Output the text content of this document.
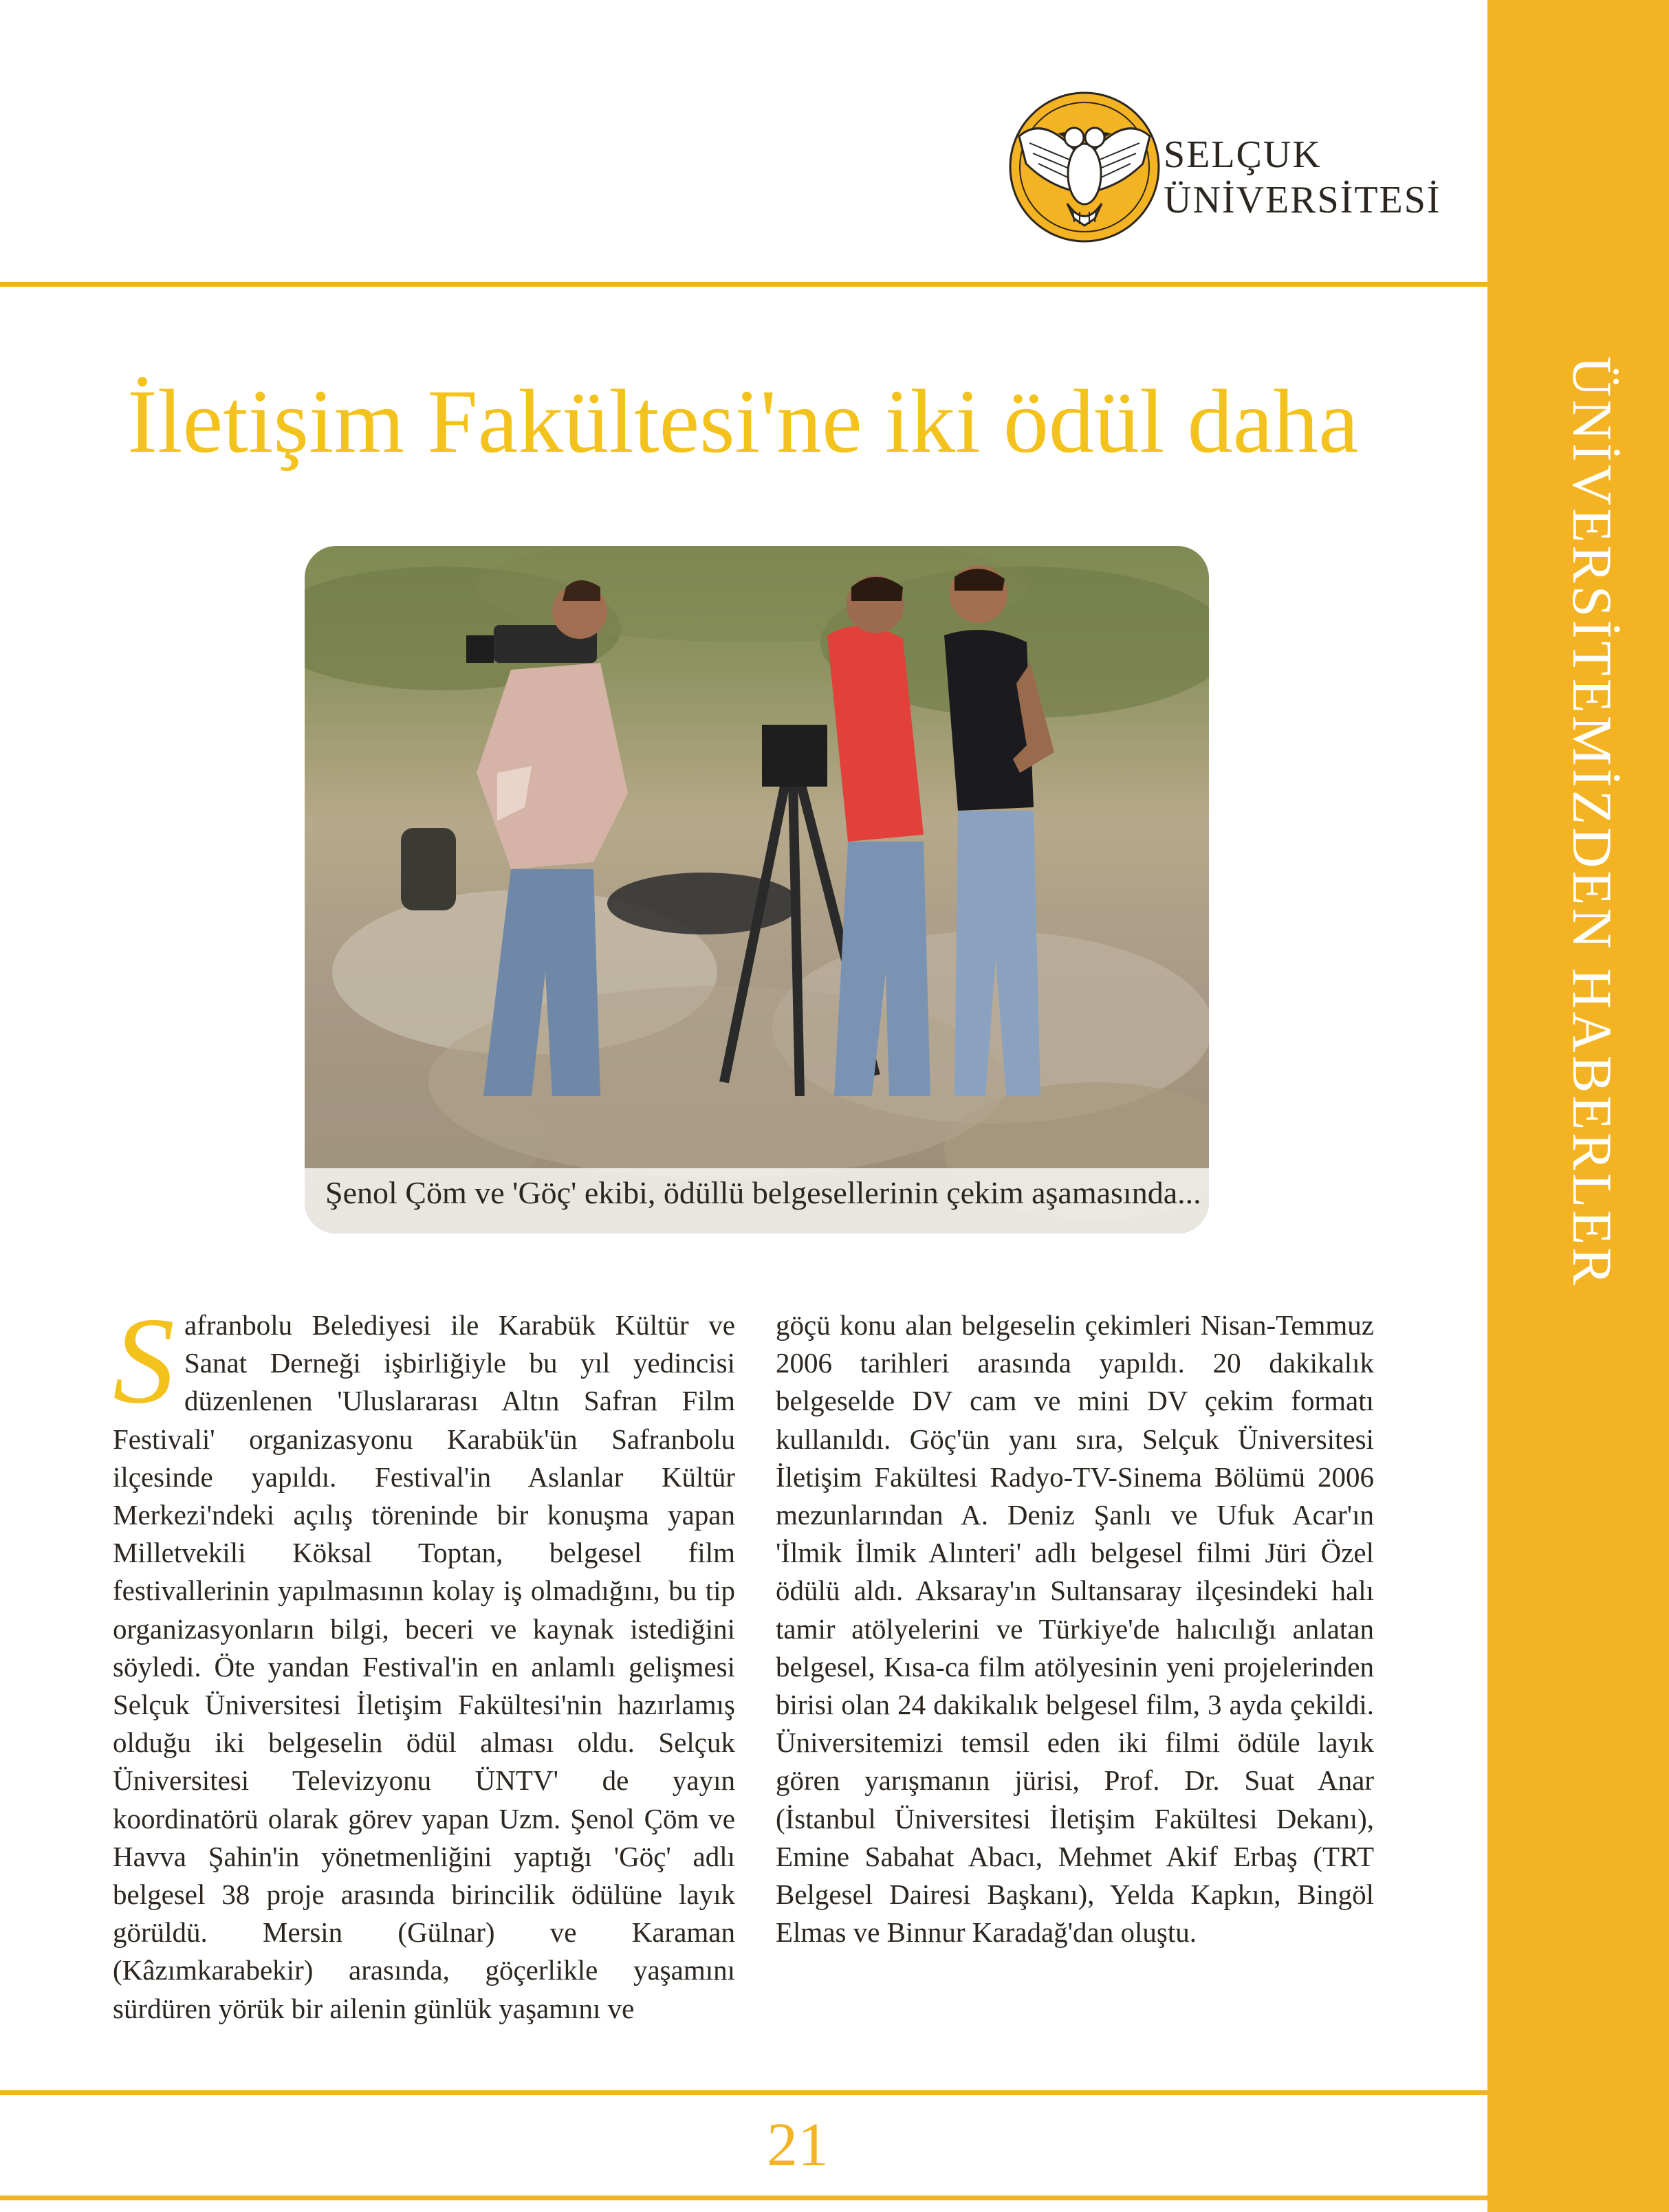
ÜNİVERSİTEMİZDEN HABERLER
SELÇUK
ÜNİVERSİTESİ
İletişim Fakültesi'ne iki ödül daha
Şenol Çöm ve 'Göç' ekibi, ödüllü belgesellerinin çekim aşamasında...
S afranbolu Belediyesi ile Karabük Kültür ve Sanat Derneği işbirliğiyle bu yıl yedincisi düzenlenen 'Uluslararası Altın Safran Film Festivali' organizasyonu Karabük'ün Safranbolu ilçesinde yapıldı. Festival'in Aslanlar Kültür Merkezi'ndeki açılış töreninde bir konuşma yapan Milletvekili Köksal Toptan, belgesel film festivallerinin yapılmasının kolay iş olmadığını, bu tip organizasyonların bilgi, beceri ve kaynak istediğini söyledi. Öte yandan Festival'in en anlamlı gelişmesi Selçuk Üniversitesi İletişim Fakültesi'nin hazırlamış olduğu iki belgeselin ödül alması oldu. Selçuk Üniversitesi Televizyonu ÜNTV' de yayın koordinatörü olarak görev yapan Uzm. Şenol Çöm ve Havva Şahin'in yönetmenliğini yaptığı 'Göç' adlı belgesel 38 proje arasında birincilik ödülüne layık görüldü. Mersin (Gülnar) ve Karaman (Kâzımkarabekir) arasında, göçerlikle yaşamını sürdüren yörük bir ailenin günlük yaşamını ve
göçü konu alan belgeselin çekimleri Nisan-Temmuz 2006 tarihleri arasında yapıldı. 20 dakikalık belgeselde DV cam ve mini DV çekim formatı kullanıldı. Göç'ün yanı sıra, Selçuk Üniversitesi İletişim Fakültesi Radyo-TV-Sinema Bölümü 2006 mezunlarından A. Deniz Şanlı ve Ufuk Acar'ın 'İlmik İlmik Alınteri' adlı belgesel filmi Jüri Özel ödülü aldı. Aksaray'ın Sultansaray ilçesindeki halı tamir atölyelerini ve Türkiye'de halıcılığı anlatan belgesel, Kısa-ca film atölyesinin yeni projelerinden birisi olan 24 dakikalık belgesel film, 3 ayda çekildi. Üniversitemizi temsil eden iki filmi ödüle layık gören yarışmanın jürisi, Prof. Dr. Suat Anar (İstanbul Üniversitesi İletişim Fakültesi Dekanı), Emine Sabahat Abacı, Mehmet Akif Erbaş (TRT Belgesel Dairesi Başkanı), Yelda Kapkın, Bingöl Elmas ve Binnur Karadağ'dan oluştu.
21
